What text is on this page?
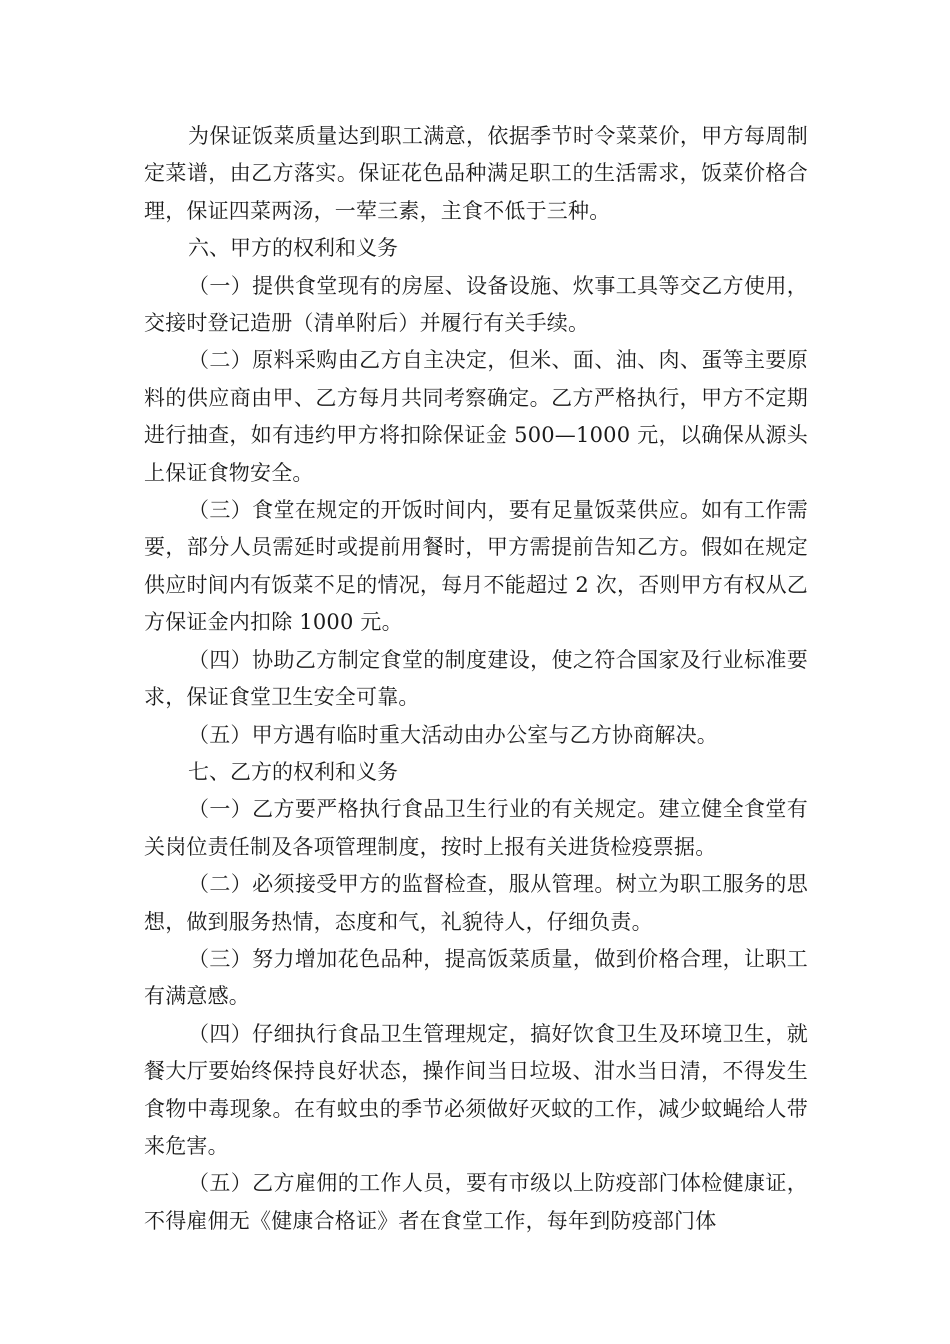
为保证饭菜质量达到职工满意，依据季节时令菜菜价，甲方每周制定菜谱，由乙方落实。保证花色品种满足职工的生活需求，饭菜价格合理，保证四菜两汤，一荤三素，主食不低于三种。

六、甲方的权利和义务

（一）提供食堂现有的房屋、设备设施、炊事工具等交乙方使用，交接时登记造册（清单附后）并履行有关手续。

（二）原料采购由乙方自主决定，但米、面、油、肉、蛋等主要原料的供应商由甲、乙方每月共同考察确定。乙方严格执行，甲方不定期进行抽查，如有违约甲方将扣除保证金 500—1000 元，以确保从源头上保证食物安全。

（三）食堂在规定的开饭时间内，要有足量饭菜供应。如有工作需要，部分人员需延时或提前用餐时，甲方需提前告知乙方。假如在规定供应时间内有饭菜不足的情况，每月不能超过 2 次，否则甲方有权从乙方保证金内扣除 1000 元。

（四）协助乙方制定食堂的制度建设，使之符合国家及行业标准要求，保证食堂卫生安全可靠。

（五）甲方遇有临时重大活动由办公室与乙方协商解决。

七、乙方的权利和义务

（一）乙方要严格执行食品卫生行业的有关规定。建立健全食堂有关岗位责任制及各项管理制度，按时上报有关进货检疫票据。

（二）必须接受甲方的监督检查，服从管理。树立为职工服务的思想，做到服务热情，态度和气，礼貌待人，仔细负责。

（三）努力增加花色品种，提高饭菜质量，做到价格合理，让职工有满意感。

（四）仔细执行食品卫生管理规定，搞好饮食卫生及环境卫生，就餐大厅要始终保持良好状态，操作间当日垃圾、泔水当日清，不得发生食物中毒现象。在有蚊虫的季节必须做好灭蚊的工作，减少蚊蝇给人带来危害。

（五）乙方雇佣的工作人员，要有市级以上防疫部门体检健康证，不得雇佣无《健康合格证》者在食堂工作，每年到防疫部门体
